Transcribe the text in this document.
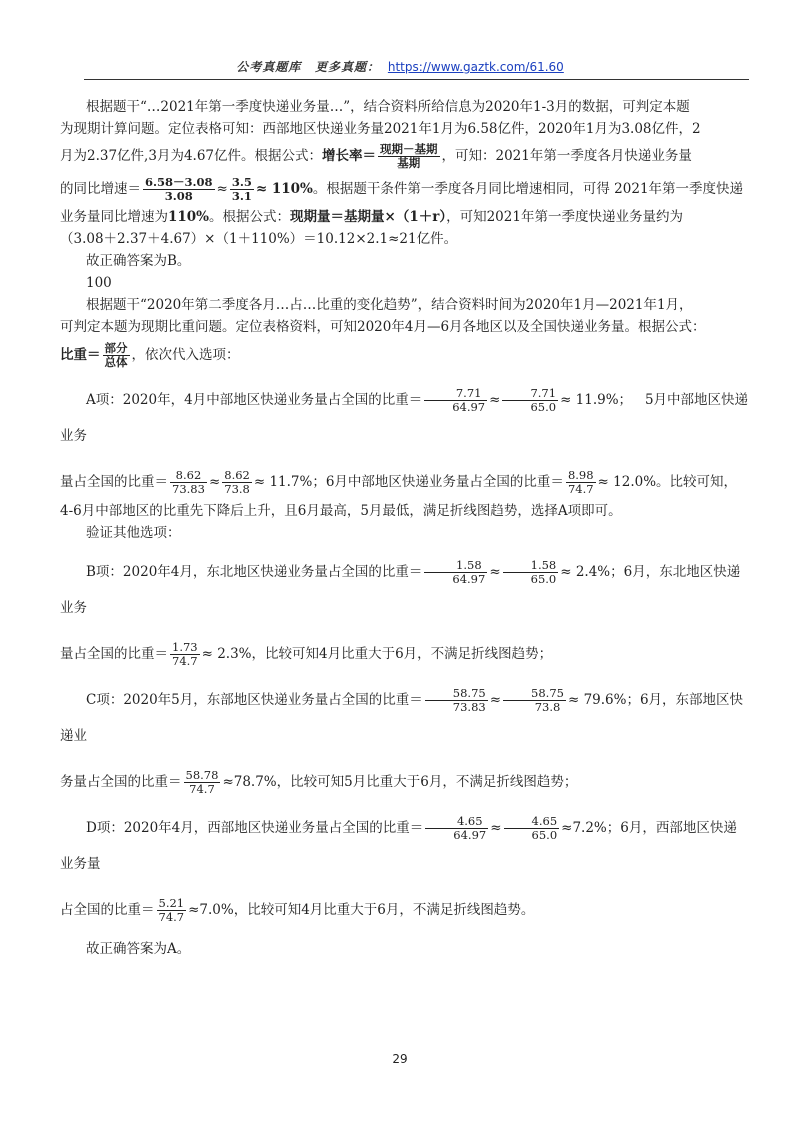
公考真题库 更多真题： https://www.gaztk.com/61.60

根据题干“…2021年第一季度快递业务量…”，结合资料所给信息为2020年1-3月的数据，可判定本题

为现期计算问题。定位表格可知：西部地区快递业务量2021年1月为6.58亿件，2020年1月为3.08亿件，2

月为2.37亿件,3月为4.67亿件。根据公式：增长率＝ $\frac{\text{现期－基期}}{\text{基期}}$ ，可知：2021年第一季度各月快递业务量

的同比增速＝ $\frac{6.58-3.08}{3.08} \approx \frac{3.5}{3.1} \approx 110\%$。根据题干条件第一季度各月同比增速相同，可得 2021年第一季度快递

业务量同比增速为110%。根据公式：现期量＝基期量×（1＋r），可知2021年第一季度快递业务量约为

（3.08＋2.37＋4.67）×（1＋110%）＝10.12×2.1≈21亿件。

故正确答案为B。

100

根据题干“2020年第二季度各月…占…比重的变化趋势”，结合资料时间为2020年1月—2021年1月，

可判定本题为现期比重问题。定位表格资料，可知2020年4月—6月各地区以及全国快递业务量。根据公式：

比重＝ $\frac{\text{部分}}{\text{总体}}$ ，依次代入选项：

A项：2020年，4月中部地区快递业务量占全国的比重＝ $\frac{7.71}{64.97} \approx \frac{7.71}{65.0} \approx 11.9\%$； 5月中部地区快递业务

量占全国的比重＝ $\frac{8.62}{73.83} \approx \frac{8.62}{73.8} \approx 11.7\%$；6月中部地区快递业务量占全国的比重＝ $\frac{8.98}{74.7} \approx 12.0\%$。比较可知，

4-6月中部地区的比重先下降后上升，且6月最高，5月最低，满足折线图趋势，选择A项即可。

验证其他选项：

B项：2020年4月，东北地区快递业务量占全国的比重＝ $\frac{1.58}{64.97} \approx \frac{1.58}{65.0} \approx 2.4\%$；6月，东北地区快递业务

量占全国的比重＝ $\frac{1.73}{74.7} \approx 2.3\%$，比较可知4月比重大于6月，不满足折线图趋势；

C项：2020年5月，东部地区快递业务量占全国的比重＝ $\frac{58.75}{73.83} \approx \frac{58.75}{73.8} \approx 79.6\%$；6月，东部地区快递业

务量占全国的比重＝ $\frac{58.78}{74.7} \approx 78.7\%$，比较可知5月比重大于6月，不满足折线图趋势；

D项：2020年4月，西部地区快递业务量占全国的比重＝ $\frac{4.65}{64.97} \approx \frac{4.65}{65.0} \approx 7.2\%$；6月，西部地区快递业务量

占全国的比重＝ $\frac{5.21}{74.7} \approx 7.0\%$，比较可知4月比重大于6月，不满足折线图趋势。

故正确答案为A。

29
